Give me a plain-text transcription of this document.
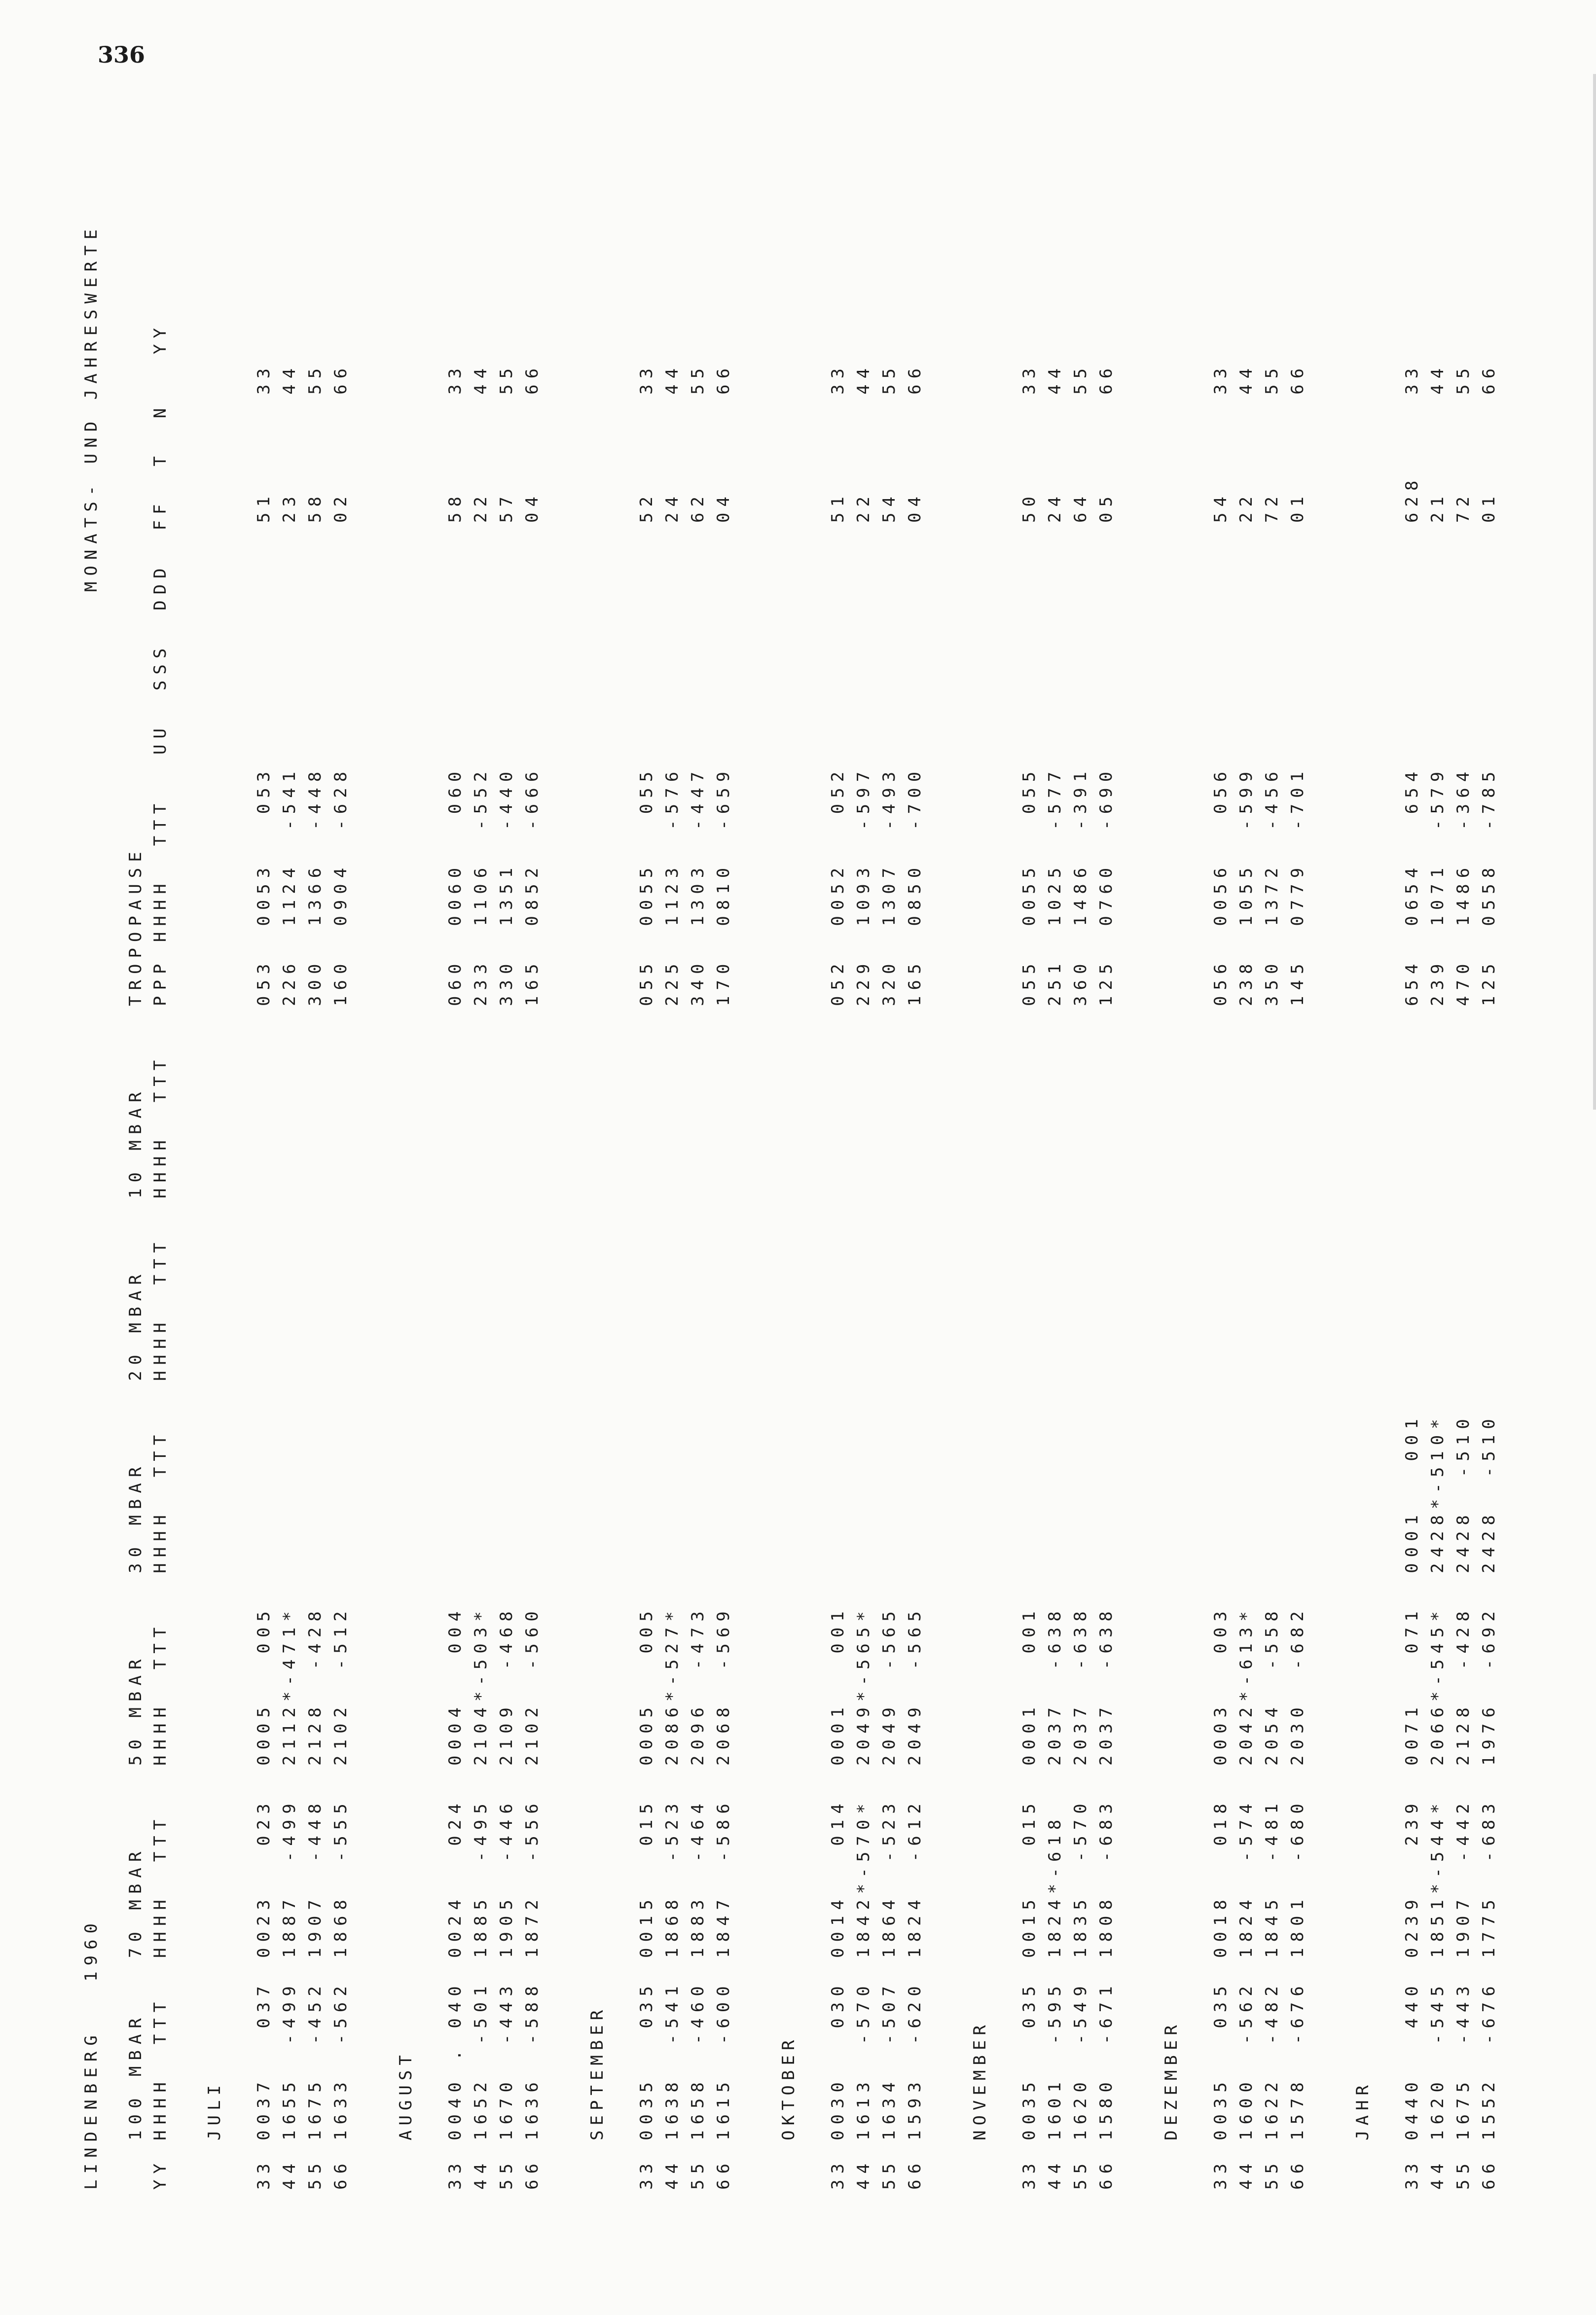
336
LINDENBERG   1960
MONATS- UND JAHRESWERTE

100 MBAR

70 MBAR

50 MBAR

30 MBAR

20 MBAR

10 MBAR

TROPOPAUSE

YY

HHHH  TTT

HHHH  TTT

HHHH  TTT

HHHH  TTT

HHHH  TTT

HHHH  TTT

PPP HHHH  TTT

UU  SSS  DDD  FF  T  N   YY

JULI
33
0037   037
0023   023
0005   005
053  0053   053
51
33
44
1655  -499
1887  -499
2112*-471*
226  1124  -541
23
44
55
1675  -452
1907  -448
2128  -428
300  1366  -448
58
55
66
1633  -562
1868  -555
2102  -512
160  0904  -628
02
66
AUGUST
33
0040 . 040
0024   024
0004   004
060  0060   060
58
33
44
1652  -501
1885  -495
2104*-503*
233  1106  -552
22
44
55
1670  -443
1905  -446
2109  -468
330  1351  -440
57
55
66
1636  -588
1872  -556
2102  -560
165  0852  -666
04
66
SEPTEMBER
33
0035   035
0015   015
0005   005
055  0055   055
52
33
44
1638  -541
1868  -523
2086*-527*
225  1123  -576
24
44
55
1658  -460
1883  -464
2096  -473
340  1303  -447
62
55
66
1615  -600
1847  -586
2068  -569
170  0810  -659
04
66
OKTOBER
33
0030   030
0014   014
0001   001
052  0052   052
51
33
44
1613  -570
1842*-570*
2049*-565*
229  1093  -597
22
44
55
1634  -507
1864  -523
2049  -565
320  1307  -493
54
55
66
1593  -620
1824  -612
2049  -565
165  0850  -700
04
66
NOVEMBER
33
0035   035
0015   015
0001   001
055  0055   055
50
33
44
1601  -595
1824*-618
2037  -638
251  1025  -577
24
44
55
1620  -549
1835  -570
2037  -638
360  1486  -391
64
55
66
1580  -671
1808  -683
2037  -638
125  0760  -690
05
66
DEZEMBER
33
0035   035
0018   018
0003   003
056  0056   056
54
33
44
1600  -562
1824  -574
2042*-613*
238  1055  -599
22
44
55
1622  -482
1845  -481
2054  -558
350  1372  -456
72
55
66
1578  -676
1801  -680
2030  -682
145  0779  -701
01
66
JAHR
33
0440   440
0239   239
0071   071
0001   001
654  0654   654
628
33
44
1620  -545
1851*-544*
2066*-545*
2428*-510*
239  1071  -579
21
44
55
1675  -443
1907  -442
2128  -428
2428  -510
470  1486  -364
72
55
66
1552  -676
1775  -683
1976  -692
2428  -510
125  0558  -785
01
66
